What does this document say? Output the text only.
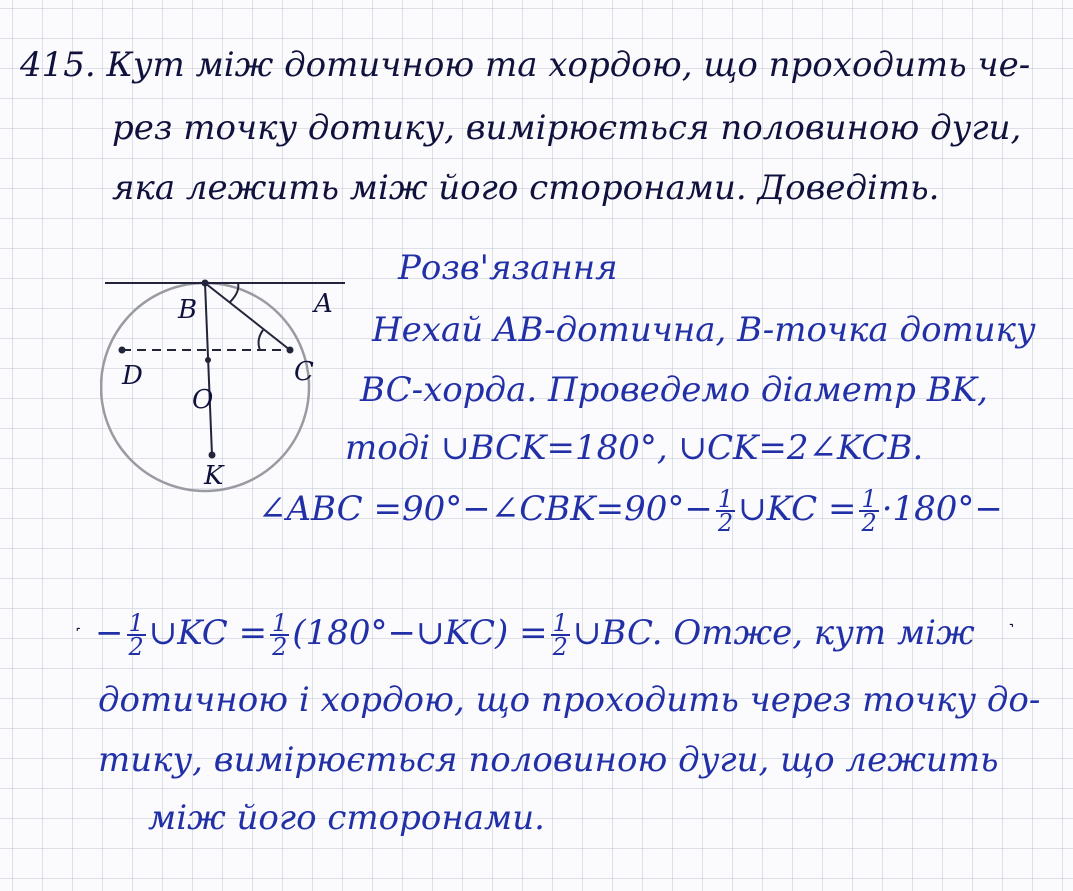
415. Кут між дотичною та хордою, що проходить че-
рез точку дотику, вимірюється половиною дуги,
яка лежить між його сторонами. Доведіть.
Розв'язання
B	A
D	C
O
K
Нехай AB-дотична, B-точка дотику
BC-хорда. Проведемо діаметр BK,
тоді ∪BCK=180°, ∪CK=2∠KCB.
∠ABC =90°−∠CBK=90°− $\frac{1}{2}$ ∪KC = $\frac{1}{2} \cdot 180^\circ-$
˹ − $\frac{1}{2}$ ∪KC = $\frac{1}{2}$ (180°−∪KC) = $\frac{1}{2}$ ∪BC. Отже, кут між ˺
дотичною і хордою, що проходить через точку до-
тику, вимірюється половиною дуги, що лежить
між його сторонами.
